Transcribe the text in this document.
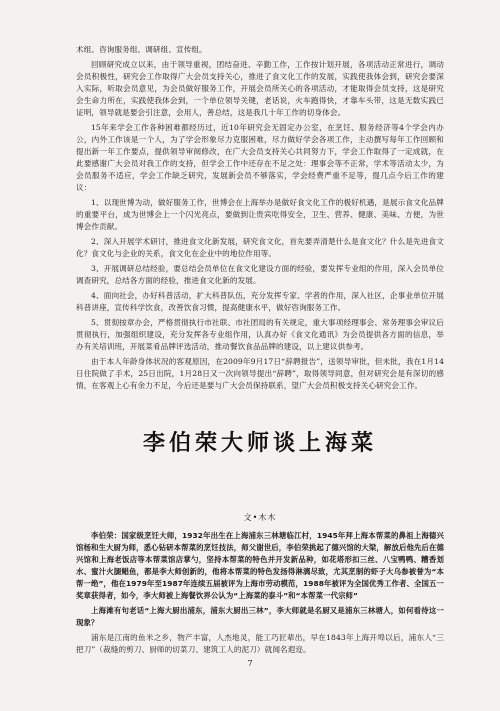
术组、咨询服务组、调研组、宣传组。

回顾研究成立以来，由于领导重视，团结奋进、辛勤工作，工作按计划开展，各项活动正常进行，调动会员积极性，研究会工作取得广大会员支持关心，推进了食文化工作的发展，实践使我体会到，研究会要深入实际，听取会员意见，为会员做好服务工作，开展会员所关心的各项活动，才能取得会员支持，这是研究会生命力所在，实践使我体会到，一个单位领导关键，老话说，火车跑得快，才靠车头带，这是无数实践已证明，领导就是要会引注意，会用人，善总结，这是我几十年工作的切身体会。

15年来学会工作各种困难都经历过，近10年研究会无固定办公室，在烹饪、服务经济等4个学会内办公，内外工作该是一个人，为了学会形象尽力克服困难，尽力做好学会各项工作，主动撰写每年工作回顾和提出新一年工作要点，提供领导审阅修改，在广大会员支持关心共同努力下，学会工作取得了一定成就，在此要感谢广大会员对我工作的支持，但学会工作中还存在不足之处：理事会等不正常，学术等活动太少，为会员服务不适应，学会工作缺乏研究，发展新会员不够落实，学会经费严重不足等，提几点今后工作的建议：

1、以现世博为动，做好服务工作，世博会在上海举办是做好食文化工作的极好机遇，是展示食文化品牌的重要平台，成为世博会上一个闪光亮点，要做到让贵宾吃得安全，卫生、营养、健康、美味、方便，为世博会作贡献。

2、深入开展学术研讨，推进食文化新发展，研究食文化，首先要弄清楚什么是食文化？什么是先进食文化？食文化与企业的关系，食文化在企业中的地位作用等。

3、开展调研总结经验，要总结会员单位在食文化建设方面的经验，要发挥专业组的作用，深入会员单位调查研究，总结各方面的经验，推进食文化新的发展。

4、面向社会，办好科普活动，扩大科普队伍，充分发挥专家、学者的作用，深入社区，企事业单位开展科普讲座，宣传科学饮食，改善饮食习惯，提高健康水平，做好咨询服务工作。

5、贯彻按章办会，严格贯彻执行市社联、市社团局的有关规定，重大事项经理事会、常务理事会审议后贯彻执行，加强组织建设，充分发挥各专业组作用，认真办好《食文化通讯》为会员提供各方面的信息，举办有关培训班，开展菜肴品牌评选活动，推动餐饮食品品牌的建设，以上建议供参考。

由于本人年龄身体状况的客观原因，在2009年9月17日“辞聘报告”，送领导审批，但未批，我在1月14日住院做了手术，25日出院，1月28日又一次向领导提出“辞聘”，取得领导同意，但对研究会是有深切的感情，在客观上心有余力不足，今后还是要与广大会员保持联系，望广大会员积极支持关心研究会工作。

李伯荣大师谈上海菜
文•木木

李伯荣：国家级烹饪大师，1932年出生在上海浦东三林塘临江村，1945年拜上海本帮菜的鼻祖上海德兴馆杨和生大厨为师，悉心钻研本帮菜的烹饪技法，师父谢世后，李伯荣挑起了德兴馆的大梁，解放后他先后在德兴馆和上海老饭店等本帮菜馆店掌勺，坚持本帮菜的特色并开发新品种，如花塔形扣三丝、八宝鸭鸭、糟香划水、蜜汁火腿鲳鱼，都是李大师创新的，他将本帮菜的特色发扬得淋漓尽致，尤其烹制的虾子大乌参被誉为“本帮一绝”，他在1979年至1987年连续五届被评为上海市劳动模范，1988年被评为全国优秀工作者、全国五一奖章获得者，如今，李大师被上海餐饮界公认为“上海菜的泰斗”和“本帮菜一代宗师”

上海滩有句老话“上海大厨出浦东，浦东大厨出三林”，李大师就是名厨又是浦东三林塘人，如何看待这一现象？

浦东是江南的鱼米之乡，物产丰富，人杰地灵，能工巧匠辈出，早在1843年上海开埠以后，浦东人“三把刀”（裁缝的剪刀、厨师的切菜刀、建筑工人的泥刀）就闻名遐迩。

7
